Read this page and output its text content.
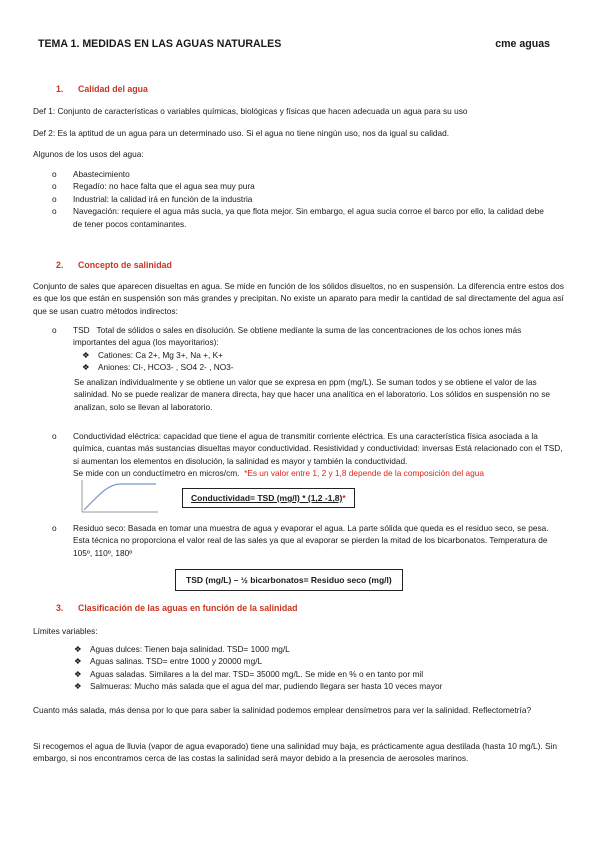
TEMA 1. MEDIDAS EN LAS AGUAS NATURALES	cme aguas
1. Calidad del agua
Def 1: Conjunto de características o variables químicas, biológicas y físicas que hacen adecuada un agua para su uso
Def 2: Es la aptitud de un agua para un determinado uso. Si el agua no tiene ningún uso, nos da igual su calidad.
Algunos de los usos del agua:
o Abastecimiento
o Regadío: no hace falta que el agua sea muy pura
o Industrial: la calidad irá en función de la industria
o Navegación: requiere el agua más sucia, ya que flota mejor. Sin embargo, el agua sucia corroe el barco por ello, la calidad debe de tener pocos contaminantes.
2. Concepto de salinidad
Conjunto de sales que aparecen disueltas en agua. Se mide en función de los sólidos disueltos, no en suspensión. La diferencia entre estos dos es que los que están en suspensión son más grandes y precipitan. No existe un aparato para medir la cantidad de sal directamente del agua así que se usan cuatro métodos indirectos:
o TSD Total de sólidos o sales en disolución. Se obtiene mediante la suma de las concentraciones de los ochos iones más importantes del agua (los mayoritarios):
❖ Cationes: Ca 2+, Mg 3+, Na +, K+
❖ Aniones: Cl-, HCO3- , SO4 2- , NO3-
Se analizan individualmente y se obtiene un valor que se expresa en ppm (mg/L). Se suman todos y se obtiene el valor de las salinidad. No se puede realizar de manera directa, hay que hacer una analítica en el laboratorio. Los sólidos en suspensión no se analizan, solo se llevan al laboratorio.
o Conductividad eléctrica: capacidad que tiene el agua de transmitir corriente eléctrica. Es una característica física asociada a la química, cuantas más sustancias disueltas mayor conductividad. Resistividad y conductividad: inversas Está relacionado con el TSD, si aumentan los elementos en disolución, la salinidad es mayor y también la conductividad.
Se mide con un conductímetro en micros/cm. *Es un valor entre 1, 2 y 1,8 depende de la composición del agua
Conductividad= TSD (mg/l) * (1,2 -1,8)*
o Residuo seco: Basada en tomar una muestra de agua y evaporar el agua. La parte sólida que queda es el residuo seco, se pesa. Esta técnica no proporciona el valor real de las sales ya que al evaporar se pierden la mitad de los bicarbonatos. Temperatura de 105º, 110º, 180º
TSD (mg/L) – ½ bicarbonatos= Residuo seco (mg/l)
3. Clasificación de las aguas en función de la salinidad
Límites variables:
❖ Aguas dulces: Tienen baja salinidad. TSD= 1000 mg/L
❖ Aguas salinas. TSD= entre 1000 y 20000 mg/L
❖ Aguas saladas. Similares a la del mar. TSD= 35000 mg/L. Se mide en % o en tanto por mil
❖ Salmueras: Mucho más salada que el agua del mar, pudiendo llegara ser hasta 10 veces mayor
Cuanto más salada, más densa por lo que para saber la salinidad podemos emplear densímetros para ver la salinidad. Reflectometría?
Si recogemos el agua de lluvia (vapor de agua evaporado) tiene una salinidad muy baja, es prácticamente agua destilada (hasta 10 mg/L). Sin embargo, si nos encontramos cerca de las costas la salinidad será mayor debido a la presencia de aerosoles marinos.
